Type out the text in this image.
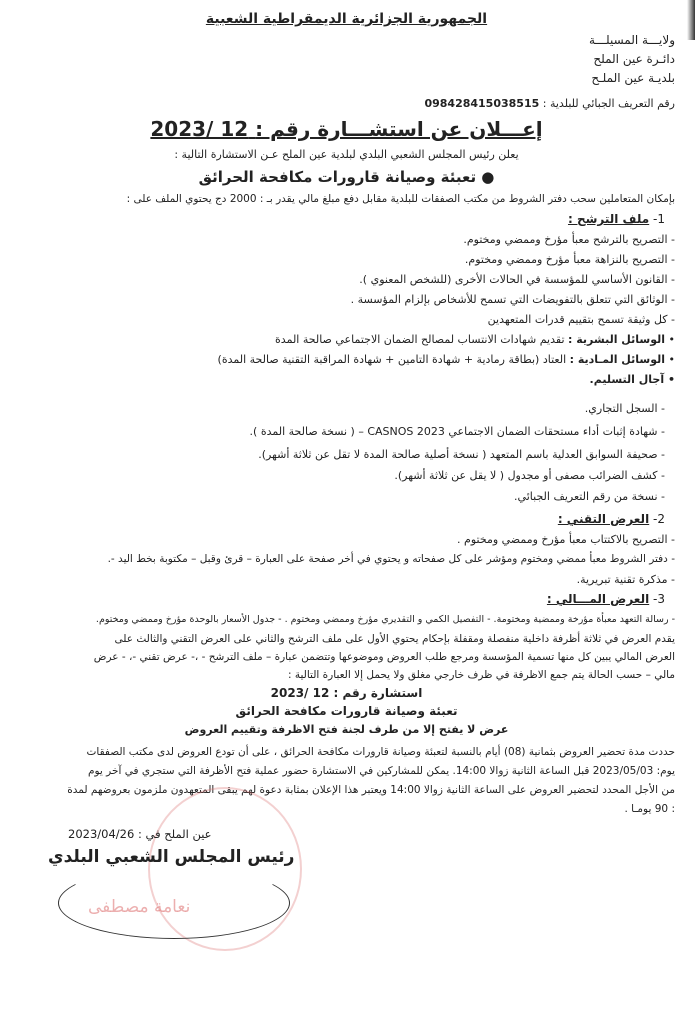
الجمهورية الجزائرية الديمقراطية الشعبية
ولايـــة المسيلـــة
دائـرة عين الملح
بلديـة عين الملـح
رقم التعريف الجبائي للبلدية : 098428415038515
إعـــلان عن استشـــارة رقم : 2023/ 12
يعلن رئيس المجلس الشعبي البلدي لبلدية عين الملح عـن الاستشارة التالية :
● تعبئة وصيانة قارورات مكافحة الحرائق
بإمكان المتعاملين سحب دفتر الشروط من مكتب الصفقات للبلدية مقابل دفع مبلغ مالي يقدر بـ : 2000 دج يحتوي الملف على :
1- ملف الترشح :
- التصريح بالترشح معبأ مؤرخ وممضي ومختوم.
- التصريح بالنزاهة معبأ مؤرخ وممضي ومختوم.
- القانون الأساسي للمؤسسة في الحالات الأخرى (للشخص المعنوي ).
- الوثائق التي تتعلق بالتفويضات التي تسمح للأشخاص بإلزام المؤسسة .
- كل وثيقة تسمح بتقييم قدرات المتعهدين
• الوسائل البشرية : تقديم شهادات الانتساب لمصالح الضمان الاجتماعي صالحة المدة
• الوسائل المـادية : العتاد (بطاقة رمادية + شهادة التامين + شهادة المراقبة التقنية صالحة المدة)
• آجال التسليم.
- السجل التجاري.
- شهادة إثبات أداء مستحقات الضمان الاجتماعي CASNOS 2023 – ( نسخة صالحة المدة ).
- صحيفة السوابق العدلية باسم المتعهد ( نسخة أصلية صالحة المدة لا تقل عن ثلاثة أشهر).
- كشف الضرائب مصفى أو مجدول ( لا يقل عن ثلاثة أشهر).
- نسخة من رقم التعريف الجبائي.
2- العرض التقني :
- التصريح بالاكتتاب معبأ مؤرخ وممضي ومختوم .
- دفتر الشروط معبأ ممضي ومختوم ومؤشر على كل صفحاته و يحتوي في أخر صفحة على العبارة – قرئ وقبل – مكتوبة بخط اليد -.
- مذكرة تقنية تبريرية.
3- العرض المـــالي :
- رسالة التعهد معبأة مؤرخة وممضية ومختومة. - التفصيل الكمي و التقديري مؤرخ وممضي ومختوم . - جدول الأسعار بالوحدة مؤرخ وممضي ومختوم.
يقدم العرض في ثلاثة أظرفة داخلية منفصلة ومقفلة بإحكام يحتوي الأول على ملف الترشح والثاني على العرض التقني والثالث على
العرض المالي يبين كل منها تسمية المؤسسة ومرجع طلب العروض وموضوعها وتتضمن عبارة – ملف الترشح - ،- عرض تقني -، - عرض
مالي – حسب الحالة يتم جمع الاظرفة في ظرف خارجي مغلق ولا يحمل إلا العبارة التالية :
استشارة رقم : 12 /2023
تعبئة وصيانة قارورات مكافحة الحرائق
عرض لا يفتح إلا من طرف لجنة فتح الاظرفة وتقييم العروض
حددت مدة تحضير العروض بثمانية (08) أيام بالنسبة لتعبئة وصيانة قارورات مكافحة الحرائق ، على أن تودع العروض لدى مكتب الصفقات
يوم: 2023/05/03 قبل الساعة الثانية زوالا 14:00. يمكن للمشاركين في الاستشارة حضور عملية فتح الأظرفة التي ستجري في آخر يوم
من الأجل المحدد لتحضير العروض على الساعة الثانية زوالا 14:00 ويعتبر هذا الإعلان بمثابة دعوة لهم يبقى المتعهدون ملزمون بعروضهم لمدة
: 90 يومـا .
عين الملح في : 2023/04/26
رئيس المجلس الشعبي البلدي
نعامة مصطفى
